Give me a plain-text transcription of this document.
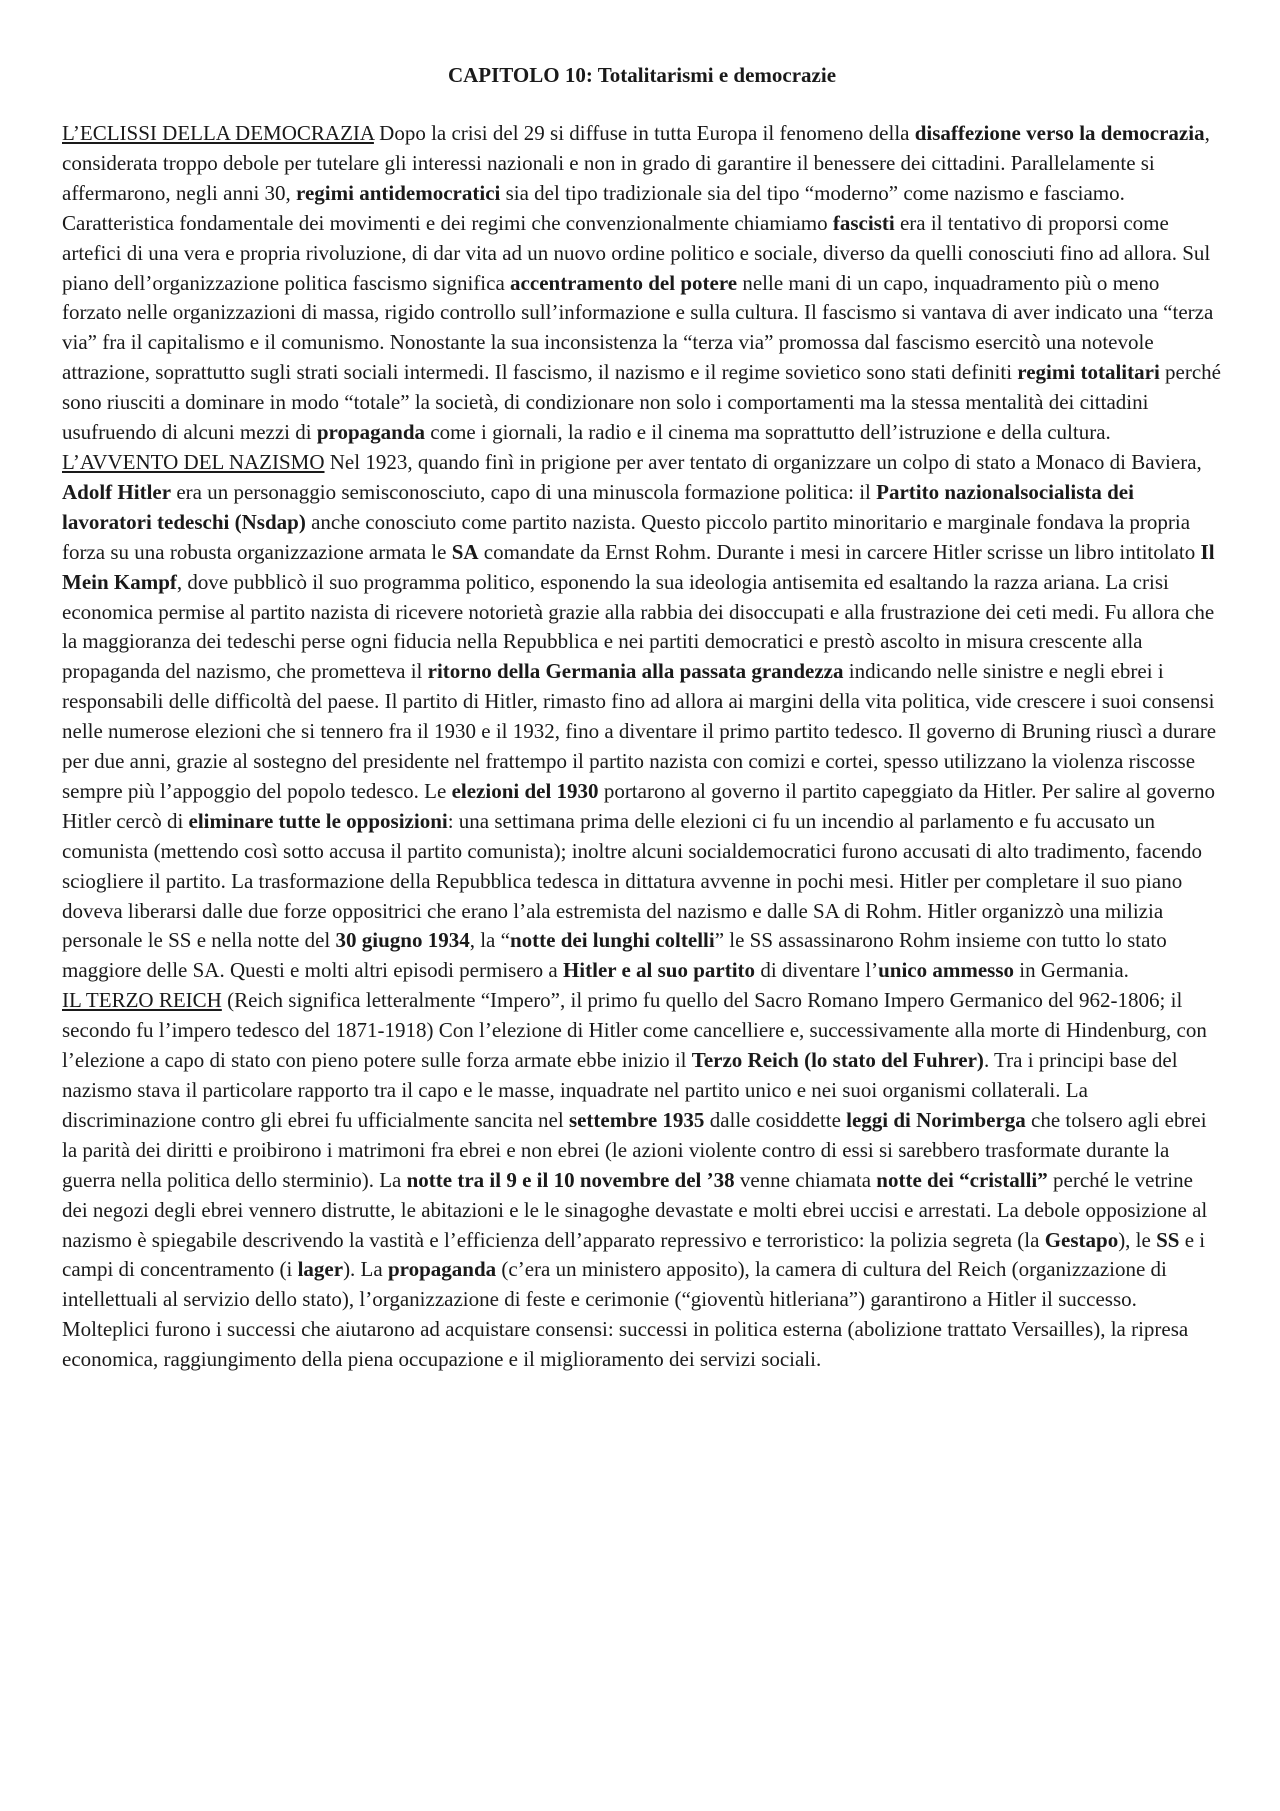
CAPITOLO 10: Totalitarismi e democrazie

L’ECLISSI DELLA DEMOCRAZIA Dopo la crisi del 29 si diffuse in tutta Europa il fenomeno della disaffezione verso la democrazia, considerata troppo debole per tutelare gli interessi nazionali e non in grado di garantire il benessere dei cittadini. Parallelamente si affermarono, negli anni 30, regimi antidemocratici sia del tipo tradizionale sia del tipo “moderno” come nazismo e fasciamo. Caratteristica fondamentale dei movimenti e dei regimi che convenzionalmente chiamiamo fascisti era il tentativo di proporsi come artefici di una vera e propria rivoluzione, di dar vita ad un nuovo ordine politico e sociale, diverso da quelli conosciuti fino ad allora. Sul piano dell’organizzazione politica fascismo significa accentramento del potere nelle mani di un capo, inquadramento più o meno forzato nelle organizzazioni di massa, rigido controllo sull’informazione e sulla cultura. Il fascismo si vantava di aver indicato una “terza via” fra il capitalismo e il comunismo. Nonostante la sua inconsistenza la “terza via” promossa dal fascismo esercitò una notevole attrazione, soprattutto sugli strati sociali intermedi. Il fascismo, il nazismo e il regime sovietico sono stati definiti regimi totalitari perché sono riusciti a dominare in modo “totale” la società, di condizionare non solo i comportamenti ma la stessa mentalità dei cittadini usufruendo di alcuni mezzi di propaganda come i giornali, la radio e il cinema ma soprattutto dell’istruzione e della cultura.

L’AVVENTO DEL NAZISMO Nel 1923, quando finì in prigione per aver tentato di organizzare un colpo di stato a Monaco di Baviera, Adolf Hitler era un personaggio semisconosciuto, capo di una minuscola formazione politica: il Partito nazionalsocialista dei lavoratori tedeschi (Nsdap) anche conosciuto come partito nazista. Questo piccolo partito minoritario e marginale fondava la propria forza su una robusta organizzazione armata le SA comandate da Ernst Rohm. Durante i mesi in carcere Hitler scrisse un libro intitolato Il Mein Kampf, dove pubblicò il suo programma politico, esponendo la sua ideologia antisemita ed esaltando la razza ariana. La crisi economica permise al partito nazista di ricevere notorietà grazie alla rabbia dei disoccupati e alla frustrazione dei ceti medi. Fu allora che la maggioranza dei tedeschi perse ogni fiducia nella Repubblica e nei partiti democratici e prestò ascolto in misura crescente alla propaganda del nazismo, che prometteva il ritorno della Germania alla passata grandezza indicando nelle sinistre e negli ebrei i responsabili delle difficoltà del paese. Il partito di Hitler, rimasto fino ad allora ai margini della vita politica, vide crescere i suoi consensi nelle numerose elezioni che si tennero fra il 1930 e il 1932, fino a diventare il primo partito tedesco. Il governo di Bruning riuscì a durare per due anni, grazie al sostegno del presidente nel frattempo il partito nazista con comizi e cortei, spesso utilizzano la violenza riscosse sempre più l’appoggio del popolo tedesco. Le elezioni del 1930 portarono al governo il partito capeggiato da Hitler. Per salire al governo Hitler cercò di eliminare tutte le opposizioni: una settimana prima delle elezioni ci fu un incendio al parlamento e fu accusato un comunista (mettendo così sotto accusa il partito comunista); inoltre alcuni socialdemocratici furono accusati di alto tradimento, facendo sciogliere il partito. La trasformazione della Repubblica tedesca in dittatura avvenne in pochi mesi. Hitler per completare il suo piano doveva liberarsi dalle due forze oppositrici che erano l’ala estremista del nazismo e dalle SA di Rohm. Hitler organizzò una milizia personale le SS e nella notte del 30 giugno 1934, la “notte dei lunghi coltelli” le SS assassinarono Rohm insieme con tutto lo stato maggiore delle SA. Questi e molti altri episodi permisero a Hitler e al suo partito di diventare l’unico ammesso in Germania.

IL TERZO REICH (Reich significa letteralmente “Impero”, il primo fu quello del Sacro Romano Impero Germanico del 962-1806; il secondo fu l’impero tedesco del 1871-1918) Con l’elezione di Hitler come cancelliere e, successivamente alla morte di Hindenburg, con l’elezione a capo di stato con pieno potere sulle forza armate ebbe inizio il Terzo Reich (lo stato del Fuhrer). Tra i principi base del nazismo stava il particolare rapporto tra il capo e le masse, inquadrate nel partito unico e nei suoi organismi collaterali. La discriminazione contro gli ebrei fu ufficialmente sancita nel settembre 1935 dalle cosiddette leggi di Norimberga che tolsero agli ebrei la parità dei diritti e proibirono i matrimoni fra ebrei e non ebrei (le azioni violente contro di essi si sarebbero trasformate durante la guerra nella politica dello sterminio). La notte tra il 9 e il 10 novembre del ’38 venne chiamata notte dei “cristalli” perché le vetrine dei negozi degli ebrei vennero distrutte, le abitazioni e le le sinagoghe devastate e molti ebrei uccisi e arrestati. La debole opposizione al nazismo è spiegabile descrivendo la vastità e l’efficienza dell’apparato repressivo e terroristico: la polizia segreta (la Gestapo), le SS e i campi di concentramento (i lager). La propaganda (c’era un ministero apposito), la camera di cultura del Reich (organizzazione di intellettuali al servizio dello stato), l’organizzazione di feste e cerimonie (“gioventù hitleriana”) garantirono a Hitler il successo. Molteplici furono i successi che aiutarono ad acquistare consensi: successi in politica esterna (abolizione trattato Versailles), la ripresa economica, raggiungimento della piena occupazione e il miglioramento dei servizi sociali.
